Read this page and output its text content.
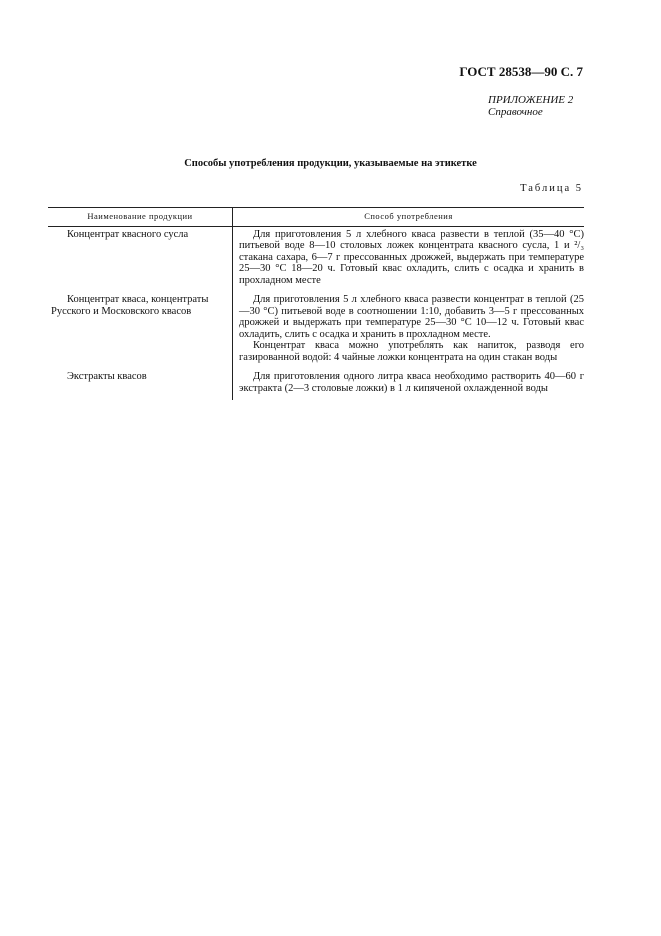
ГОСТ 28538—90 С. 7
ПРИЛОЖЕНИЕ 2
Справочное
Способы употребления продукции, указываемые на этикетке
Таблица 5
Наименование продукции	Способ употребления

Концентрат квасного сусла	Для приготовления 5 л хлебного кваса развести в теплой (35—40 °С) питьевой воде 8—10 столовых ложек концентрата квасного сусла, 1 и ²/₃ стакана сахара, 6—7 г прессованных дрожжей, выдержать при температуре 25—30 °С 18—20 ч. Готовый квас охладить, слить с осадка и хранить в прохладном месте

Концентрат кваса, концентраты Русского и Московского квасов	Для приготовления 5 л хлебного кваса развести концентрат в теплой (25—30 °С) питьевой воде в соотношении 1:10, добавить 3—5 г прессованных дрожжей и выдержать при температуре 25—30 °С 10—12 ч. Готовый квас охладить, слить с осадка и хранить в прохладном месте.
Концентрат кваса можно употреблять как напиток, разводя его газированной водой: 4 чайные ложки концентрата на один стакан воды

Экстракты квасов	Для приготовления одного литра кваса необходимо растворить 40—60 г экстракта (2—3 столовые ложки) в 1 л кипяченой охлажденной воды
